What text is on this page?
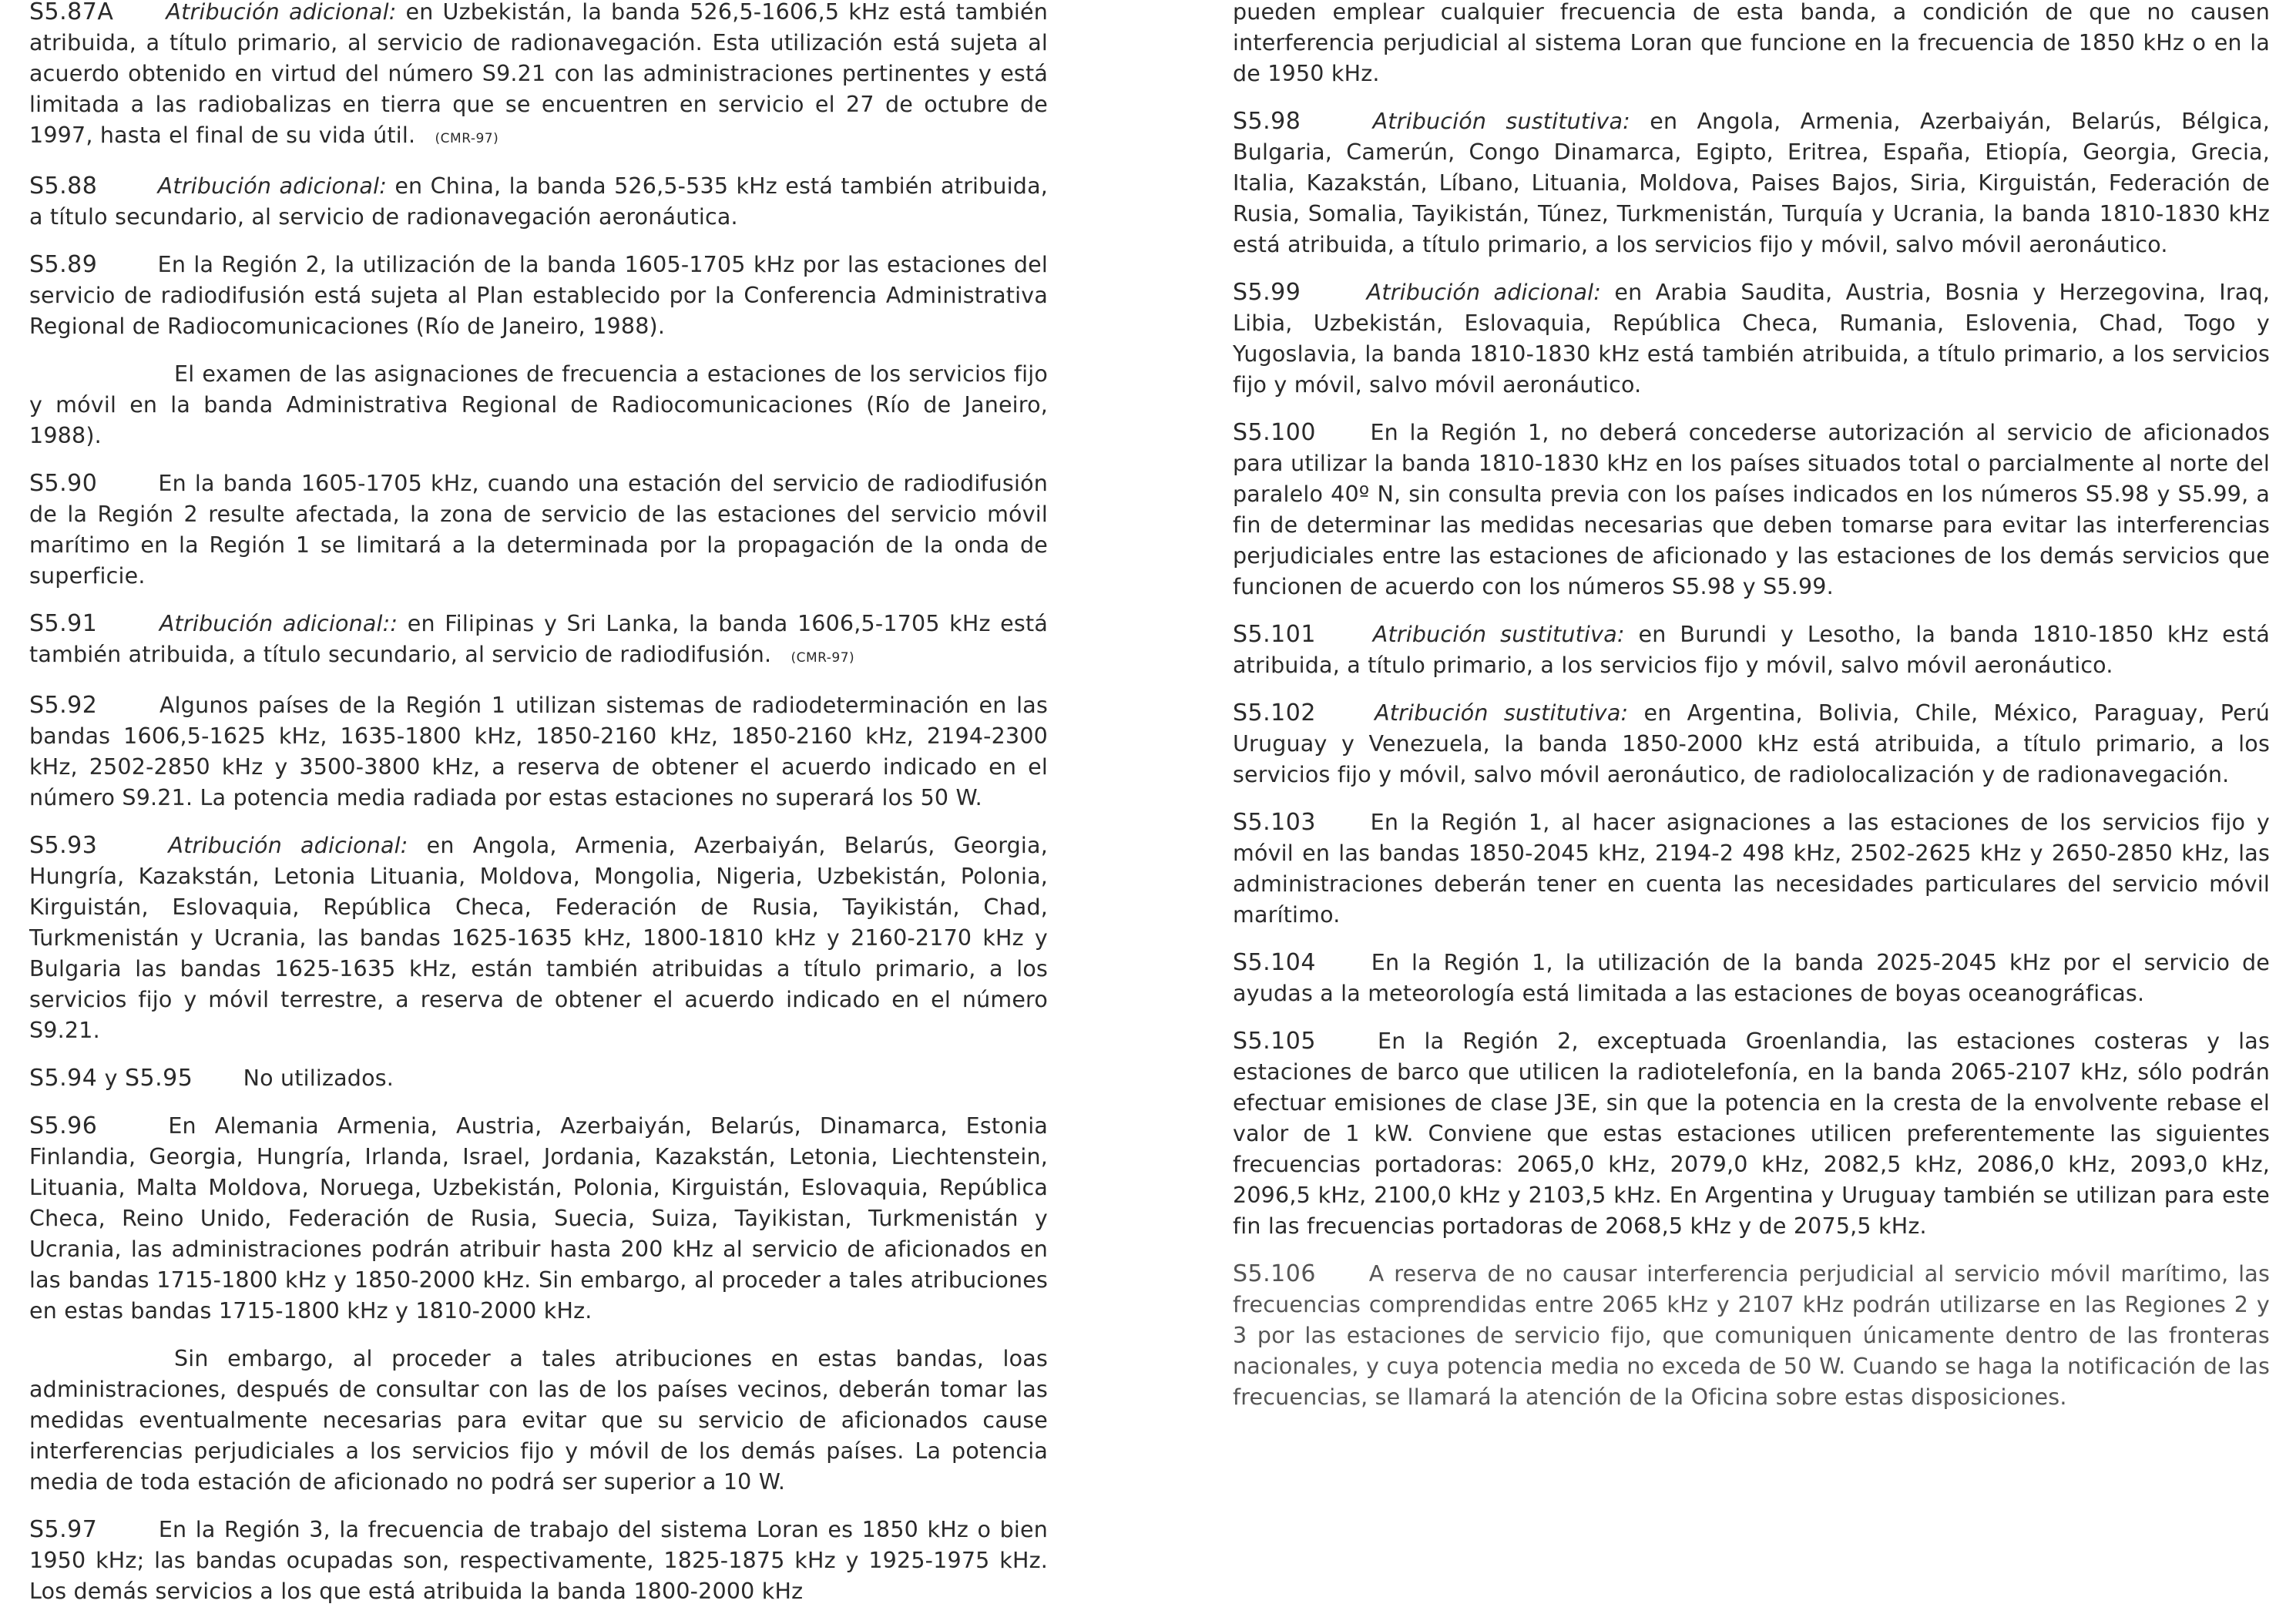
S5.87A Atribución adicional: en Uzbekistán, la banda 526,5-1606,5 kHz está también atribuida, a título primario, al servicio de radionavegación. Esta utilización está sujeta al acuerdo obtenido en virtud del número S9.21 con las administraciones pertinentes y está limitada a las radiobalizas en tierra que se encuentren en servicio el 27 de octubre de 1997, hasta el final de su vida útil. (CMR-97)

S5.88	Atribución adicional: en China, la banda 526,5-535 kHz está también atribuida, a título secundario, al servicio de radionavegación aeronáutica.

S5.89	En la Región 2, la utilización de la banda 1605-1705 kHz por las estaciones del servicio de radiodifusión está sujeta al Plan establecido por la Conferencia Administrativa Regional de Radiocomunicaciones (Río de Janeiro, 1988).

El examen de las asignaciones de frecuencia a estaciones de los servicios fijo y móvil en la banda Administrativa Regional de Radiocomunicaciones (Río de Janeiro, 1988).

S5.90	En la banda 1605-1705 kHz, cuando una estación del servicio de radiodifusión de la Región 2 resulte afectada, la zona de servicio de las estaciones del servicio móvil marítimo en la Región 1 se limitará a la determinada por la propagación de la onda de superficie.

S5.91	Atribución adicional:: en Filipinas y Sri Lanka, la banda 1606,5-1705 kHz está también atribuida, a título secundario, al servicio de radiodifusión. (CMR-97)

S5.92	Algunos países de la Región 1 utilizan sistemas de radiodeterminación en las bandas 1606,5-1625 kHz, 1635-1800 kHz, 1850-2160 kHz, 1850-2160 kHz, 2194-2300 kHz, 2502-2850 kHz y 3500-3800 kHz, a reserva de obtener el acuerdo indicado en el número S9.21. La potencia media radiada por estas estaciones no superará los 50 W.

S5.93	Atribución adicional: en Angola, Armenia, Azerbaiyán, Belarús, Georgia, Hungría, Kazakstán, Letonia Lituania, Moldova, Mongolia, Nigeria, Uzbekistán, Polonia, Kirguistán, Eslovaquia, República Checa, Federación de Rusia, Tayikistán, Chad, Turkmenistán y Ucrania, las bandas 1625-1635 kHz, 1800-1810 kHz y 2160-2170 kHz y Bulgaria las bandas 1625-1635 kHz, están también atribuidas a título primario, a los servicios fijo y móvil terrestre, a reserva de obtener el acuerdo indicado en el número S9.21.

S5.94 y S5.95 No utilizados.

S5.96	En Alemania Armenia, Austria, Azerbaiyán, Belarús, Dinamarca, Estonia Finlandia, Georgia, Hungría, Irlanda, Israel, Jordania, Kazakstán, Letonia, Liechtenstein, Lituania, Malta Moldova, Noruega, Uzbekistán, Polonia, Kirguistán, Eslovaquia, República Checa, Reino Unido, Federación de Rusia, Suecia, Suiza, Tayikistan, Turkmenistán y Ucrania, las administraciones podrán atribuir hasta 200 kHz al servicio de aficionados en las bandas 1715-1800 kHz y 1850-2000 kHz. Sin embargo, al proceder a tales atribuciones en estas bandas 1715-1800 kHz y 1810-2000 kHz.

Sin embargo, al proceder a tales atribuciones en estas bandas, loas administraciones, después de consultar con las de los países vecinos, deberán tomar las medidas eventualmente necesarias para evitar que su servicio de aficionados cause interferencias perjudiciales a los servicios fijo y móvil de los demás países. La potencia media de toda estación de aficionado no podrá ser superior a 10 W.

S5.97	En la Región 3, la frecuencia de trabajo del sistema Loran es 1850 kHz o bien 1950 kHz; las bandas ocupadas son, respectivamente, 1825-1875 kHz y 1925-1975 kHz. Los demás servicios a los que está atribuida la banda 1800-2000 kHz

pueden emplear cualquier frecuencia de esta banda, a condición de que no causen interferencia perjudicial al sistema Loran que funcione en la frecuencia de 1850 kHz o en la de 1950 kHz.

S5.98	Atribución sustitutiva: en Angola, Armenia, Azerbaiyán, Belarús, Bélgica, Bulgaria, Camerún, Congo Dinamarca, Egipto, Eritrea, España, Etiopía, Georgia, Grecia, Italia, Kazakstán, Líbano, Lituania, Moldova, Paises Bajos, Siria, Kirguistán, Federación de Rusia, Somalia, Tayikistán, Túnez, Turkmenistán, Turquía y Ucrania, la banda 1810-1830 kHz está atribuida, a título primario, a los servicios fijo y móvil, salvo móvil aeronáutico.

S5.99	Atribución adicional: en Arabia Saudita, Austria, Bosnia y Herzegovina, Iraq, Libia, Uzbekistán, Eslovaquia, República Checa, Rumania, Eslovenia, Chad, Togo y Yugoslavia, la banda 1810-1830 kHz está también atribuida, a título primario, a los servicios fijo y móvil, salvo móvil aeronáutico.

S5.100 En la Región 1, no deberá concederse autorización al servicio de aficionados para utilizar la banda 1810-1830 kHz en los países situados total o parcialmente al norte del paralelo 40º N, sin consulta previa con los países indicados en los números S5.98 y S5.99, a fin de determinar las medidas necesarias que deben tomarse para evitar las interferencias perjudiciales entre las estaciones de aficionado y las estaciones de los demás servicios que funcionen de acuerdo con los números S5.98 y S5.99.

S5.101	Atribución sustitutiva: en Burundi y Lesotho, la banda 1810-1850 kHz está atribuida, a título primario, a los servicios fijo y móvil, salvo móvil aeronáutico.

S5.102	Atribución sustitutiva: en Argentina, Bolivia, Chile, México, Paraguay, Perú Uruguay y Venezuela, la banda 1850-2000 kHz está atribuida, a título primario, a los servicios fijo y móvil, salvo móvil aeronáutico, de radiolocalización y de radionavegación.

S5.103 En la Región 1, al hacer asignaciones a las estaciones de los servicios fijo y móvil en las bandas 1850-2045 kHz, 2194-2 498 kHz, 2502-2625 kHz y 2650-2850 kHz, las administraciones deberán tener en cuenta las necesidades particulares del servicio móvil marítimo.

S5.104	En la Región 1, la utilización de la banda 2025-2045 kHz por el servicio de ayudas a la meteorología está limitada a las estaciones de boyas oceanográficas.

S5.105	En la Región 2, exceptuada Groenlandia, las estaciones costeras y las estaciones de barco que utilicen la radiotelefonía, en la banda 2065-2107 kHz, sólo podrán efectuar emisiones de clase J3E, sin que la potencia en la cresta de la envolvente rebase el valor de 1 kW. Conviene que estas estaciones utilicen preferentemente las siguientes frecuencias portadoras: 2065,0 kHz, 2079,0 kHz, 2082,5 kHz, 2086,0 kHz, 2093,0 kHz, 2096,5 kHz, 2100,0 kHz y 2103,5 kHz. En Argentina y Uruguay también se utilizan para este fin las frecuencias portadoras de 2068,5 kHz y de 2075,5 kHz.

S5.106 A reserva de no causar interferencia perjudicial al servicio móvil marítimo, las frecuencias comprendidas entre 2065 kHz y 2107 kHz podrán utilizarse en las Regiones 2 y 3 por las estaciones de servicio fijo, que comuniquen únicamente dentro de las fronteras nacionales, y cuya potencia media no exceda de 50 W. Cuando se haga la notificación de las frecuencias, se llamará la atención de la Oficina sobre estas disposiciones.
